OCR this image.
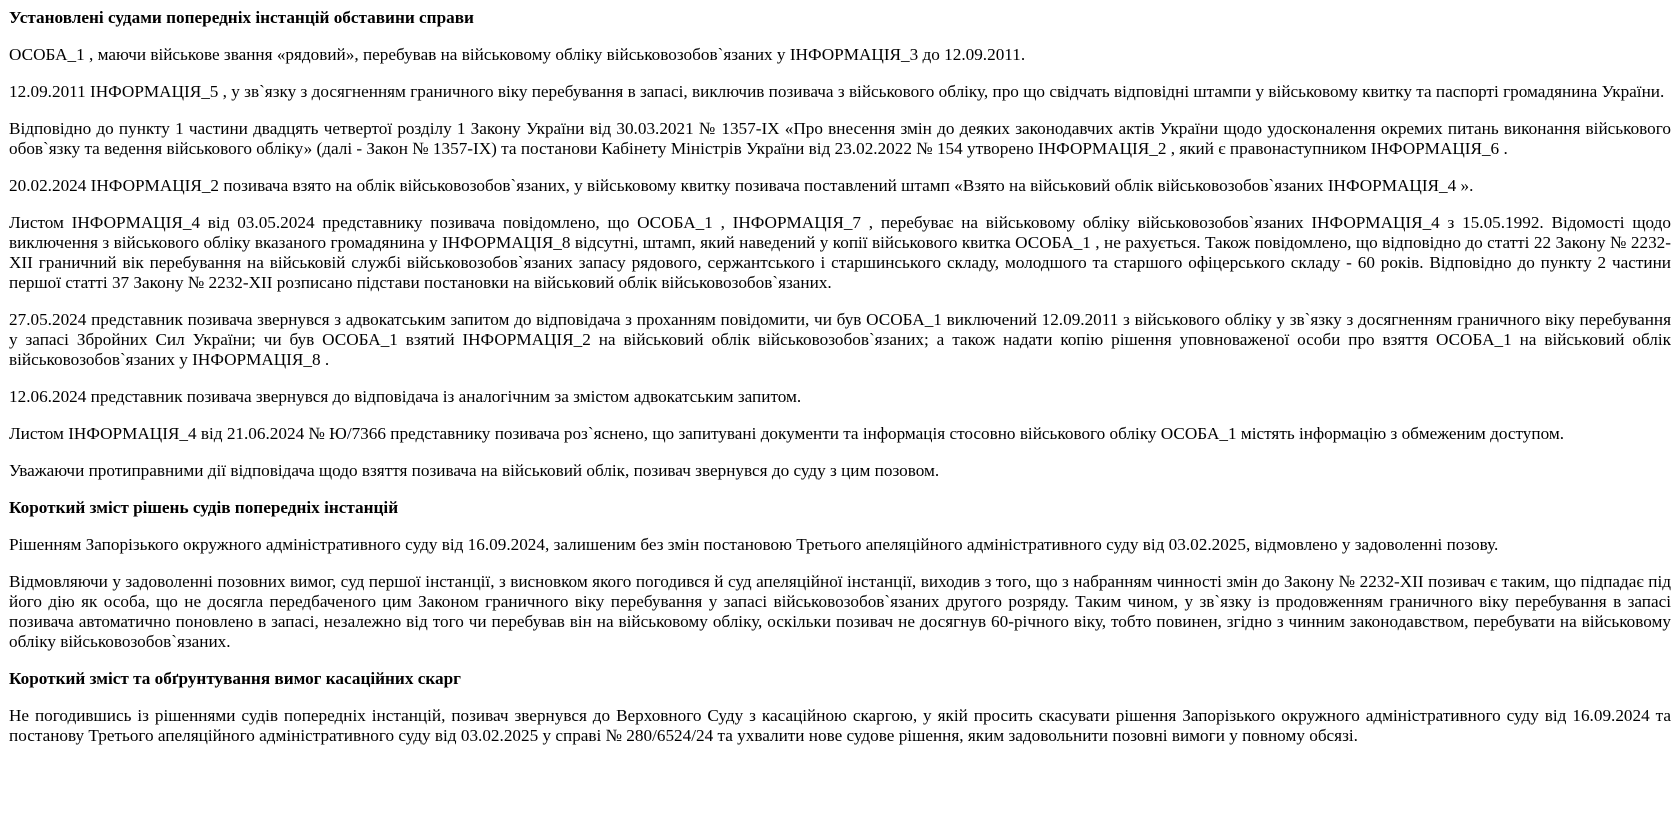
Установлені судами попередніх інстанцій обставини справи

ОСОБА_1 , маючи військове звання «рядовий», перебував на військовому обліку військовозобов`язаних у ІНФОРМАЦІЯ_3 до 12.09.2011.

12.09.2011 ІНФОРМАЦІЯ_5 , у зв`язку з досягненням граничного віку перебування в запасі, виключив позивача з військового обліку, про що свідчать відповідні штампи у військовому квитку та паспорті громадянина України.

Відповідно до пункту 1 частини двадцять четвертої розділу 1 Закону України від 30.03.2021 № 1357-IX «Про внесення змін до деяких законодавчих актів України щодо удосконалення окремих питань виконання військового обов`язку та ведення військового обліку» (далі - Закон № 1357-IX) та постанови Кабінету Міністрів України від 23.02.2022 № 154 утворено ІНФОРМАЦІЯ_2 , який є правонаступником ІНФОРМАЦІЯ_6 .

20.02.2024 ІНФОРМАЦІЯ_2 позивача взято на облік військовозобов`язаних, у військовому квитку позивача поставлений штамп «Взято на військовий облік військовозобов`язаних ІНФОРМАЦІЯ_4 ».

Листом ІНФОРМАЦІЯ_4 від 03.05.2024 представнику позивача повідомлено, що ОСОБА_1 , ІНФОРМАЦІЯ_7 , перебуває на військовому обліку військовозобов`язаних ІНФОРМАЦІЯ_4 з 15.05.1992. Відомості щодо виключення з військового обліку вказаного громадянина у ІНФОРМАЦІЯ_8 відсутні, штамп, який наведений у копії військового квитка ОСОБА_1 , не рахується. Також повідомлено, що відповідно до статті 22 Закону № 2232-XII граничний вік перебування на військовій службі військовозобов`язаних запасу рядового, сержантського і старшинського складу, молодшого та старшого офіцерського складу - 60 років. Відповідно до пункту 2 частини першої статті 37 Закону № 2232-XII розписано підстави постановки на військовий облік військовозобов`язаних.

27.05.2024 представник позивача звернувся з адвокатським запитом до відповідача з проханням повідомити, чи був ОСОБА_1 виключений 12.09.2011 з військового обліку у зв`язку з досягненням граничного віку перебування у запасі Збройних Сил України; чи був ОСОБА_1 взятий ІНФОРМАЦІЯ_2 на військовий облік військовозобов`язаних; а також надати копію рішення уповноваженої особи про взяття ОСОБА_1 на військовий облік військовозобов`язаних у ІНФОРМАЦІЯ_8 .

12.06.2024 представник позивача звернувся до відповідача із аналогічним за змістом адвокатським запитом.

Листом ІНФОРМАЦІЯ_4 від 21.06.2024 № Ю/7366 представнику позивача роз`яснено, що запитувані документи та інформація стосовно військового обліку ОСОБА_1 містять інформацію з обмеженим доступом.

Уважаючи протиправними дії відповідача щодо взяття позивача на військовий облік, позивач звернувся до суду з цим позовом.

Короткий зміст рішень судів попередніх інстанцій

Рішенням Запорізького окружного адміністративного суду від 16.09.2024, залишеним без змін постановою Третього апеляційного адміністративного суду від 03.02.2025, відмовлено у задоволенні позову.

Відмовляючи у задоволенні позовних вимог, суд першої інстанції, з висновком якого погодився й суд апеляційної інстанції, виходив з того, що з набранням чинності змін до Закону № 2232-XII позивач є таким, що підпадає під його дію як особа, що не досягла передбаченого цим Законом граничного віку перебування у запасі військовозобов`язаних другого розряду. Таким чином, у зв`язку із продовженням граничного віку перебування в запасі позивача автоматично поновлено в запасі, незалежно від того чи перебував він на військовому обліку, оскільки позивач не досягнув 60-річного віку, тобто повинен, згідно з чинним законодавством, перебувати на військовому обліку військовозобов`язаних.

Короткий зміст та обґрунтування вимог касаційних скарг

Не погодившись із рішеннями судів попередніх інстанцій, позивач звернувся до Верховного Суду з касаційною скаргою, у якій просить скасувати рішення Запорізького окружного адміністративного суду від 16.09.2024 та постанову Третього апеляційного адміністративного суду від 03.02.2025 у справі № 280/6524/24 та ухвалити нове судове рішення, яким задовольнити позовні вимоги у повному обсязі.
